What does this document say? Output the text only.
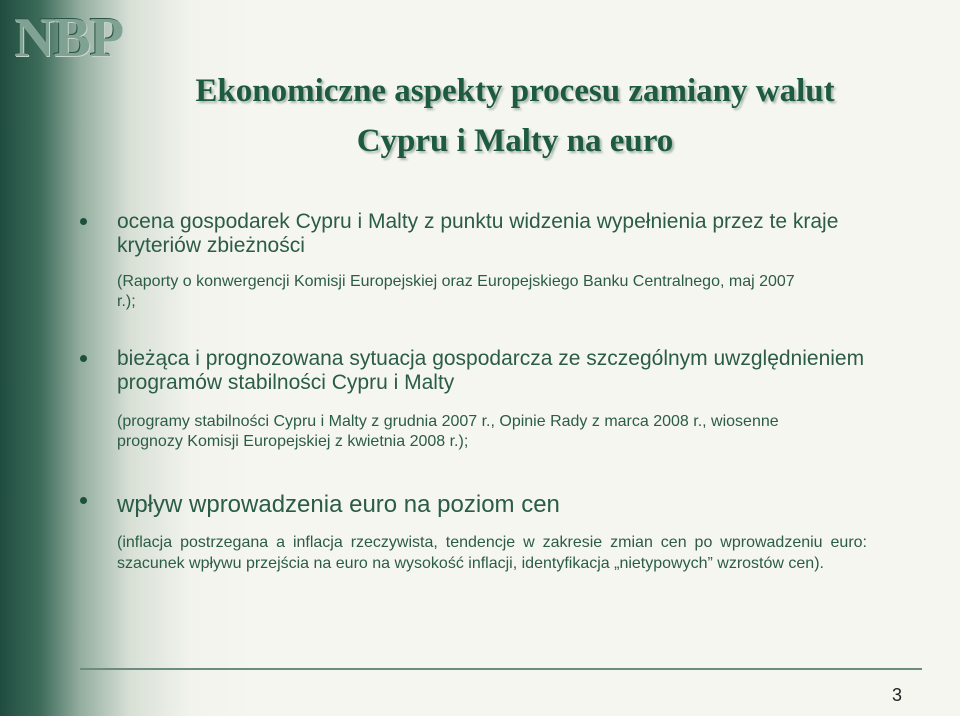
NBP
Ekonomiczne aspekty procesu zamiany walut
Cypru i Malty na euro
ocena gospodarek Cypru i Malty z punktu widzenia wypełnienia przez te kraje kryteriów zbieżności
(Raporty o konwergencji Komisji Europejskiej oraz Europejskiego Banku Centralnego, maj 2007 r.);
bieżąca i prognozowana sytuacja gospodarcza ze szczególnym uwzględnieniem programów stabilności Cypru i Malty
(programy stabilności Cypru i Malty z grudnia 2007 r., Opinie Rady z marca 2008 r., wiosenne prognozy Komisji Europejskiej z kwietnia 2008 r.);
wpływ wprowadzenia euro na poziom cen
(inflacja postrzegana a inflacja rzeczywista, tendencje w zakresie zmian cen po wprowadzeniu euro: szacunek wpływu przejścia na euro na wysokość inflacji, identyfikacja „nietypowych” wzrostów cen).
3
